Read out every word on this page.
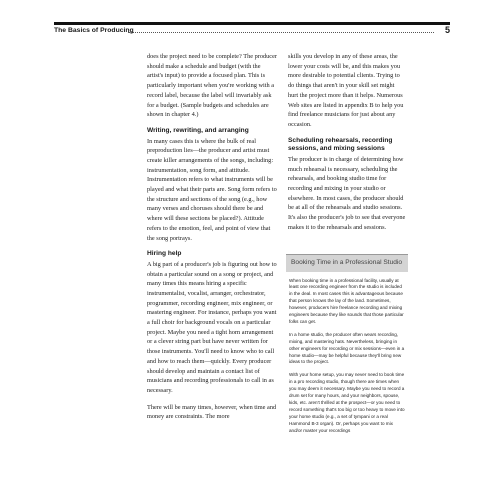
The Basics of Producing	5

does the project need to be complete? The producer should make a schedule and budget (with the artist's input) to provide a focused plan. This is particularly important when you're working with a record label, because the label will invariably ask for a budget. (Sample budgets and schedules are shown in chapter 4.)

Writing, rewriting, and arranging

In many cases this is where the bulk of real preproduction lies—the producer and artist must create killer arrangements of the songs, including: instrumentation, song form, and attitude. Instrumentation refers to what instruments will be played and what their parts are. Song form refers to the structure and sections of the song (e.g., how many verses and choruses should there be and where will these sections be placed?). Attitude refers to the emotion, feel, and point of view that the song portrays.

Hiring help

A big part of a producer's job is figuring out how to obtain a particular sound on a song or project, and many times this means hiring a specific instrumentalist, vocalist, arranger, orchestrator, programmer, recording engineer, mix engineer, or mastering engineer. For instance, perhaps you want a full choir for background vocals on a particular project. Maybe you need a tight horn arrangement or a clever string part but have never written for those instruments. You'll need to know who to call and how to reach them—quickly. Every producer should develop and maintain a contact list of musicians and recording professionals to call in as necessary.

There will be many times, however, when time and money are constraints. The more

skills you develop in any of these areas, the lower your costs will be, and this makes you more desirable to potential clients. Trying to do things that aren't in your skill set might hurt the project more than it helps. Numerous Web sites are listed in appendix B to help you find freelance musicians for just about any occasion.

Scheduling rehearsals, recording sessions, and mixing sessions

The producer is in charge of determining how much rehearsal is necessary, scheduling the rehearsals, and booking studio time for recording and mixing in your studio or elsewhere. In most cases, the producer should be at all of the rehearsals and studio sessions. It's also the producer's job to see that everyone makes it to the rehearsals and sessions.

Booking Time in a Professional Studio

When booking time in a professional facility, usually at least one recording engineer from the studio is included in the deal. In most cases this is advantageous because that person knows the lay of the land. Sometimes, however, producers hire freelance recording and mixing engineers because they like sounds that those particular folks can get.

In a home studio, the producer often wears recording, mixing, and mastering hats. Nevertheless, bringing in other engineers for recording or mix sessions—even in a home studio—may be helpful because they'll bring new ideas to the project.

With your home setup, you may never need to book time in a pro recording studio, though there are times when you may deem it necessary. Maybe you need to record a drum set for many hours, and your neighbors, spouse, kids, etc. aren't thrilled at the prospect—or you need to record something that's too big or too heavy to move into your home studio (e.g., a set of tympani or a real Hammond B-3 organ). Or, perhaps you want to mix and/or master your recordings
